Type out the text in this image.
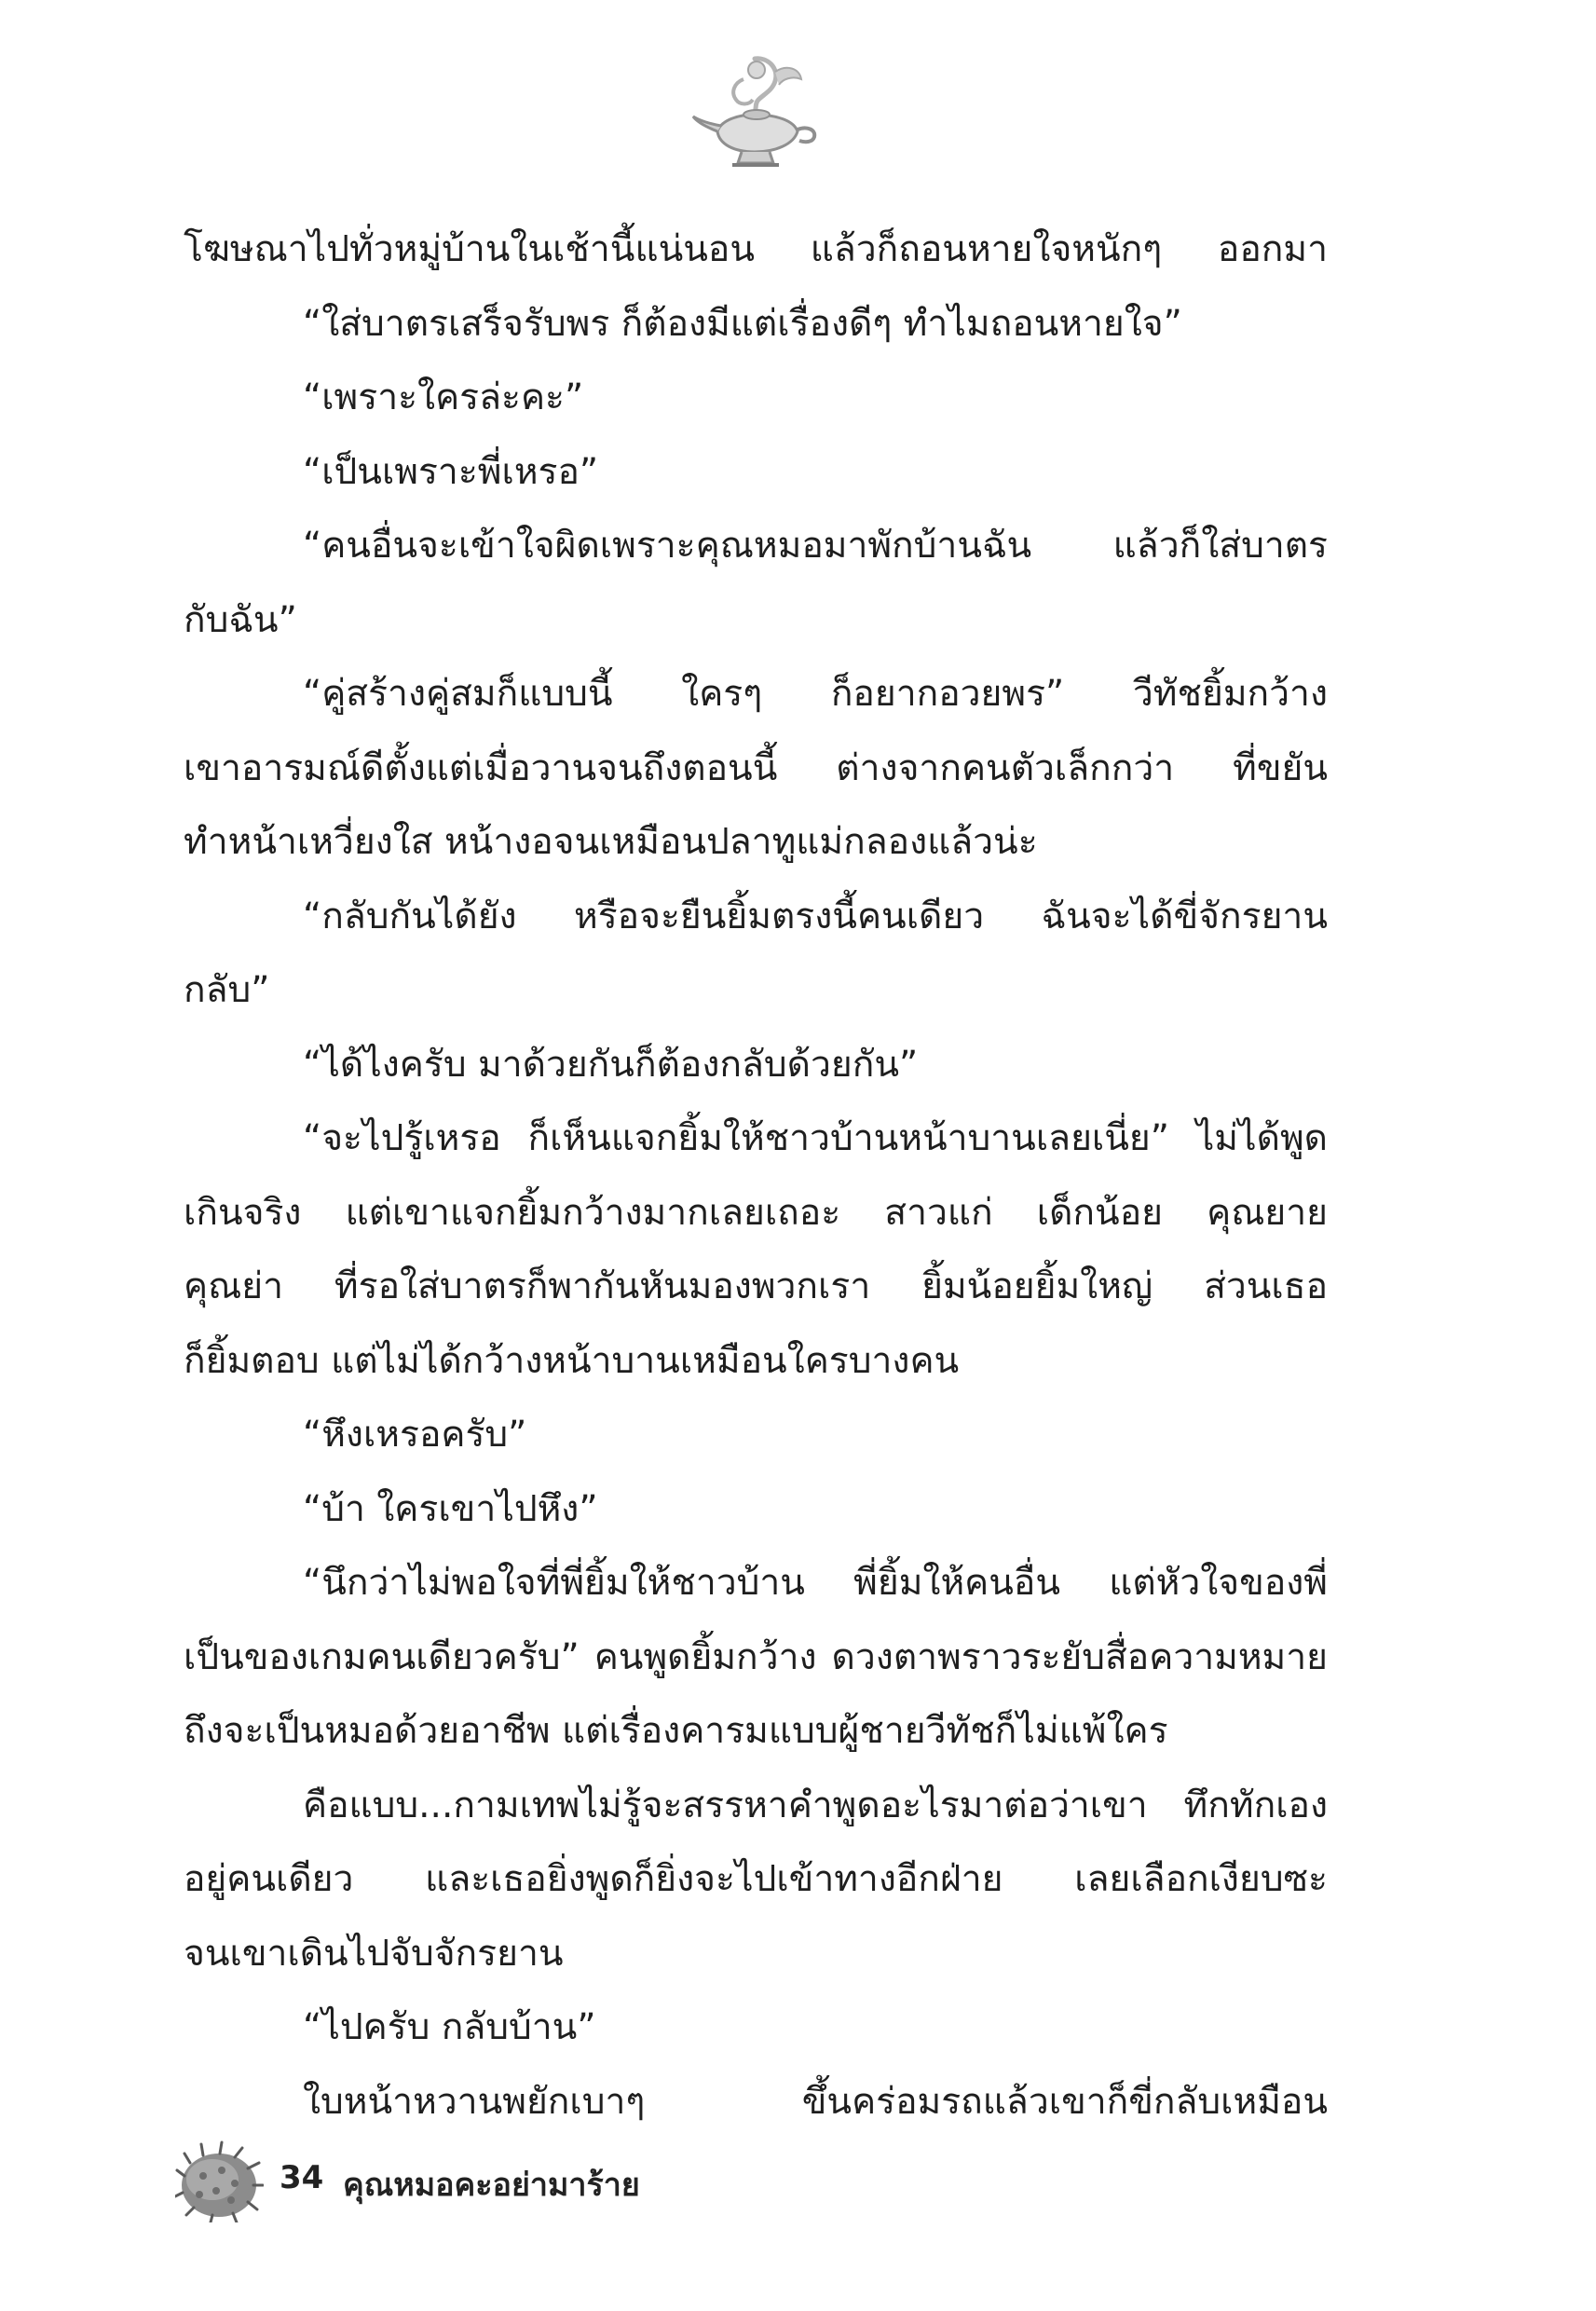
โฆษณาไปทั่วหมู่บ้านในเช้านี้แน่นอน แล้วก็ถอนหายใจหนักๆ ออกมา
“ใส่บาตรเสร็จรับพร ก็ต้องมีแต่เรื่องดีๆ ทำไมถอนหายใจ”
“เพราะใครล่ะคะ”
“เป็นเพราะพี่เหรอ”
“คนอื่นจะเข้าใจผิดเพราะคุณหมอมาพักบ้านฉัน แล้วก็ใส่บาตร
กับฉัน”
“คู่สร้างคู่สมก็แบบนี้ ใครๆ ก็อยากอวยพร” วีทัชยิ้มกว้าง
เขาอารมณ์ดีตั้งแต่เมื่อวานจนถึงตอนนี้ ต่างจากคนตัวเล็กกว่า ที่ขยัน
ทำหน้าเหวี่ยงใส หน้างอจนเหมือนปลาทูแม่กลองแล้วน่ะ
“กลับกันได้ยัง หรือจะยืนยิ้มตรงนี้คนเดียว ฉันจะได้ขี่จักรยาน
กลับ”
“ได้ไงครับ มาด้วยกันก็ต้องกลับด้วยกัน”
“จะไปรู้เหรอ ก็เห็นแจกยิ้มให้ชาวบ้านหน้าบานเลยเนี่ย” ไม่ได้พูด
เกินจริง แต่เขาแจกยิ้มกว้างมากเลยเถอะ สาวแก่ เด็กน้อย คุณยาย
คุณย่า ที่รอใส่บาตรก็พากันหันมองพวกเรา ยิ้มน้อยยิ้มใหญ่ ส่วนเธอ
ก็ยิ้มตอบ แต่ไม่ได้กว้างหน้าบานเหมือนใครบางคน
“หึงเหรอครับ”
“บ้า ใครเขาไปหึง”
“นึกว่าไม่พอใจที่พี่ยิ้มให้ชาวบ้าน พี่ยิ้มให้คนอื่น แต่หัวใจของพี่
เป็นของเกมคนเดียวครับ” คนพูดยิ้มกว้าง ดวงตาพราวระยับสื่อความหมาย
ถึงจะเป็นหมอด้วยอาชีพ แต่เรื่องคารมแบบผู้ชายวีทัชก็ไม่แพ้ใคร
คือแบบ...กามเทพไม่รู้จะสรรหาคำพูดอะไรมาต่อว่าเขา ทึกทักเอง
อยู่คนเดียว และเธอยิ่งพูดก็ยิ่งจะไปเข้าทางอีกฝ่าย เลยเลือกเงียบซะ
จนเขาเดินไปจับจักรยาน
“ไปครับ กลับบ้าน”
ใบหน้าหวานพยักเบาๆ ขึ้นคร่อมรถแล้วเขาก็ขี่กลับเหมือน
34 คุณหมอคะอย่ามาร้าย
